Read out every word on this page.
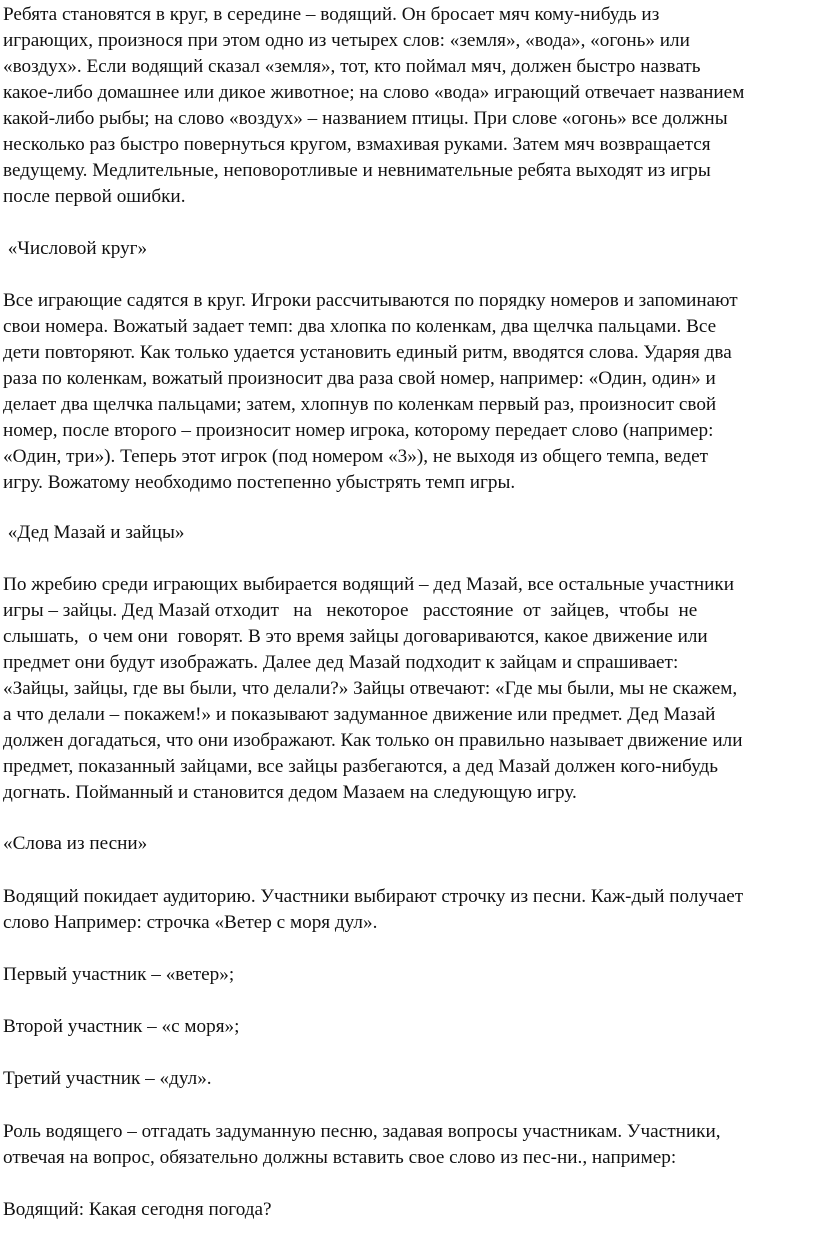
Ребята становятся в круг, в середине – водящий. Он бросает мяч кому-нибудь из
играющих, произнося при этом одно из четырех слов: «земля», «вода», «огонь» или
«воздух». Если водящий сказал «земля», тот, кто поймал мяч, должен быстро назвать
какое-либо домашнее или дикое животное; на слово «вода» играющий отвечает названием
какой-либо рыбы; на слово «воздух» – названием птицы. При слове «огонь» все должны
несколько раз быстро повернуться кругом, взмахивая руками. Затем мяч возвращается
ведущему. Медлительные, неповоротливые и невнимательные ребята выходят из игры
после первой ошибки.
«Числовой круг»
Все играющие садятся в круг. Игроки рассчитываются по порядку номеров и запоминают
свои номера. Вожатый задает темп: два хлопка по коленкам, два щелчка пальцами. Все
дети повторяют. Как только удается установить единый ритм, вводятся слова. Ударяя два
раза по коленкам, вожатый произносит два раза свой номер, например: «Один, один» и
делает два щелчка пальцами; затем, хлопнув по коленкам первый раз, произносит свой
номер, после второго – произносит номер игрока, которому передает слово (например:
«Один, три»). Теперь этот игрок (под номером «3»), не выходя из общего темпа, ведет
игру. Вожатому необходимо постепенно убыстрять темп игры.
«Дед Мазай и зайцы»
По жребию среди играющих выбирается водящий – дед Мазай, все остальные участники
игры – зайцы. Дед Мазай отходит   на   некоторое   расстояние  от  зайцев,  чтобы  не
слышать,  о чем они  говорят. В это время зайцы договариваются, какое движение или
предмет они будут изображать. Далее дед Мазай подходит к зайцам и спрашивает:
«Зайцы, зайцы, где вы были, что делали?» Зайцы отвечают: «Где мы были, мы не скажем,
а что делали – покажем!» и показывают задуманное движение или предмет. Дед Мазай
должен догадаться, что они изображают. Как только он правильно называет движение или
предмет, показанный зайцами, все зайцы разбегаются, а дед Мазай должен кого-нибудь
догнать. Пойманный и становится дедом Мазаем на следующую игру.
«Слова из песни»
Водящий покидает аудиторию. Участники выбирают строчку из песни. Каж-дый получает
слово Например: строчка «Ветер с моря дул».
Первый участник – «ветер»;
Второй участник – «с моря»;
Третий участник – «дул».
Роль водящего – отгадать задуманную песню, задавая вопросы участникам. Участники,
отвечая на вопрос, обязательно должны вставить свое слово из пес-ни., например:
Водящий: Какая сегодня погода?
